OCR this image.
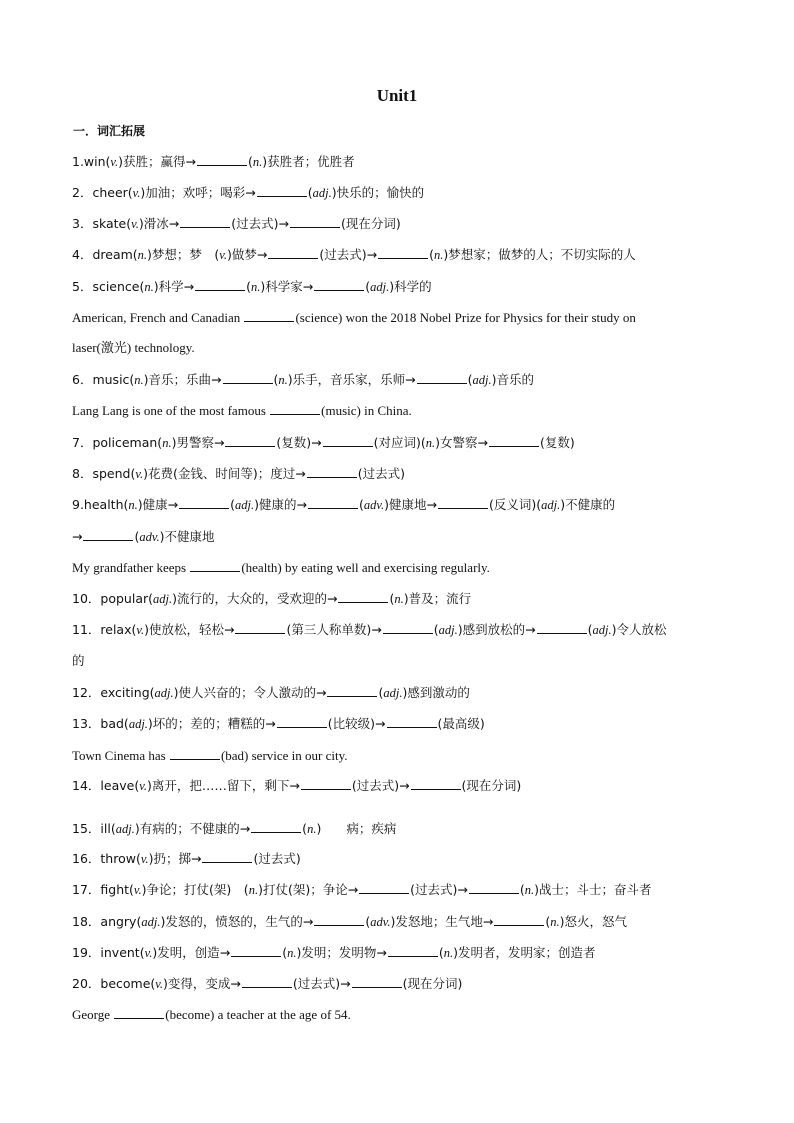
Unit1
一．词汇拓展
1.win(v.)获胜；赢得→	(n.)获胜者；优胜者
2．cheer(v.)加油；欢呼；喝彩→	(adj.)快乐的；愉快的
3．skate(v.)滑冰→	(过去式)→	(现在分词)
4．dream(n.)梦想；梦　(v.)做梦→	(过去式)→	(n.)梦想家；做梦的人；不切实际的人
5．science(n.)科学→	(n.)科学家→	(adj.)科学的
American, French and Canadian	(science) won the 2018 Nobel Prize for Physics for their study on
laser(激光) technology.
6．music(n.)音乐；乐曲→	(n.)乐手，音乐家，乐师→	(adj.)音乐的
Lang Lang is one of the most famous	(music) in China.
7．policeman(n.)男警察→	(复数)→	(对应词)(n.)女警察→	(复数)
8．spend(v.)花费(金钱、时间等)；度过→	(过去式)
9.health(n.)健康→	(adj.)健康的→	(adv.)健康地→	(反义词)(adj.)不健康的
→	(adv.)不健康地
My grandfather keeps	(health) by eating well and exercising regularly.
10．popular(adj.)流行的，大众的，受欢迎的→	(n.)普及；流行
11．relax(v.)使放松，轻松→	(第三人称单数)→	(adj.)感到放松的→	(adj.)令人放松
的
12．exciting(adj.)使人兴奋的；令人激动的→	(adj.)感到激动的
13．bad(adj.)坏的；差的；糟糕的→	(比较级)→	(最高级)
Town Cinema has	(bad) service in our city.
14．leave(v.)离开，把……留下，剩下→	(过去式)→	(现在分词)
15．ill(adj.)有病的；不健康的→	(n.)　　病；疾病
16．throw(v.)扔；掷→	(过去式)
17．fight(v.)争论；打仗(架)　(n.)打仗(架)；争论→	(过去式)→	(n.)战士；斗士；奋斗者
18．angry(adj.)发怒的，愤怒的，生气的→	(adv.)发怒地；生气地→	(n.)怒火，怒气
19．invent(v.)发明，创造→	(n.)发明；发明物→	(n.)发明者，发明家；创造者
20．become(v.)变得，变成→	(过去式)→	(现在分词)
George	(become) a teacher at the age of 54.
